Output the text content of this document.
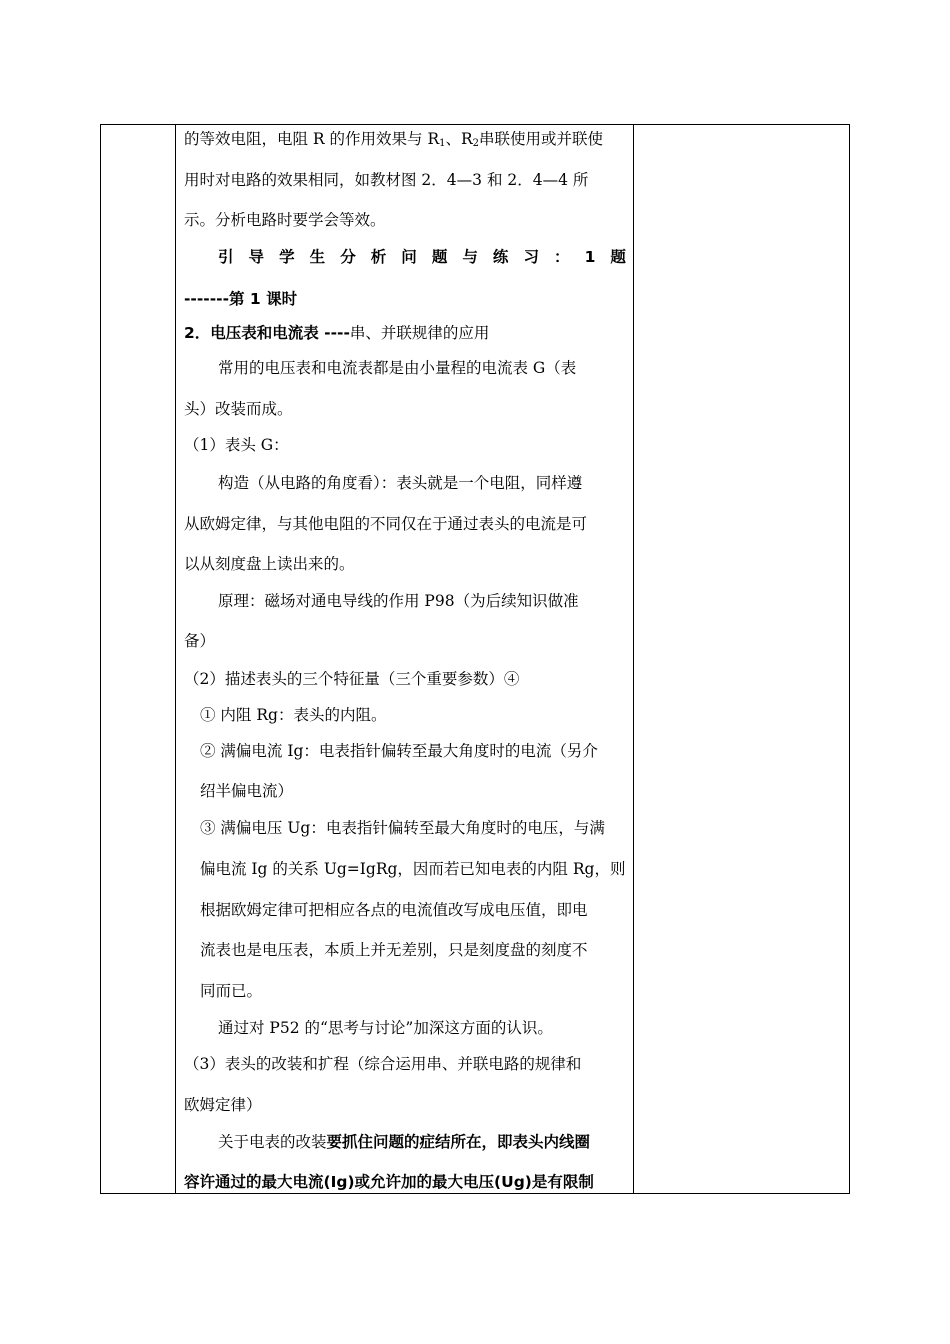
的等效电阻，电阻 R 的作用效果与 $R_1$、$R_2$串联使用或并联使
用时对电路的效果相同，如教材图 2．4—3 和 2．4—4 所
示。分析电路时要学会等效。
引 导 学 生 分 析 问 题 与 练 习 ： 1 题
-------第 1 课时
2．电压表和电流表 ----串、并联规律的应用
常用的电压表和电流表都是由小量程的电流表 G（表
头）改装而成。
（1）表头 G：
构造（从电路的角度看）：表头就是一个电阻，同样遵
从欧姆定律，与其他电阻的不同仅在于通过表头的电流是可
以从刻度盘上读出来的。
原理：磁场对通电导线的作用 P98（为后续知识做准
备）
（2）描述表头的三个特征量（三个重要参数）④
① 内阻 Rg：表头的内阻。
② 满偏电流 Ig：电表指针偏转至最大角度时的电流（另介
绍半偏电流）
③ 满偏电压 Ug：电表指针偏转至最大角度时的电压，与满
偏电流 Ig 的关系 Ug=IgRg，因而若已知电表的内阻 Rg，则
根据欧姆定律可把相应各点的电流值改写成电压值，即电
流表也是电压表，本质上并无差别，只是刻度盘的刻度不
同而已。
通过对 P52 的“思考与讨论”加深这方面的认识。
（3）表头的改装和扩程（综合运用串、并联电路的规律和
欧姆定律）
关于电表的改装要抓住问题的症结所在，即表头内线圈
容许通过的最大电流(Ig)或允许加的最大电压(Ug)是有限制
